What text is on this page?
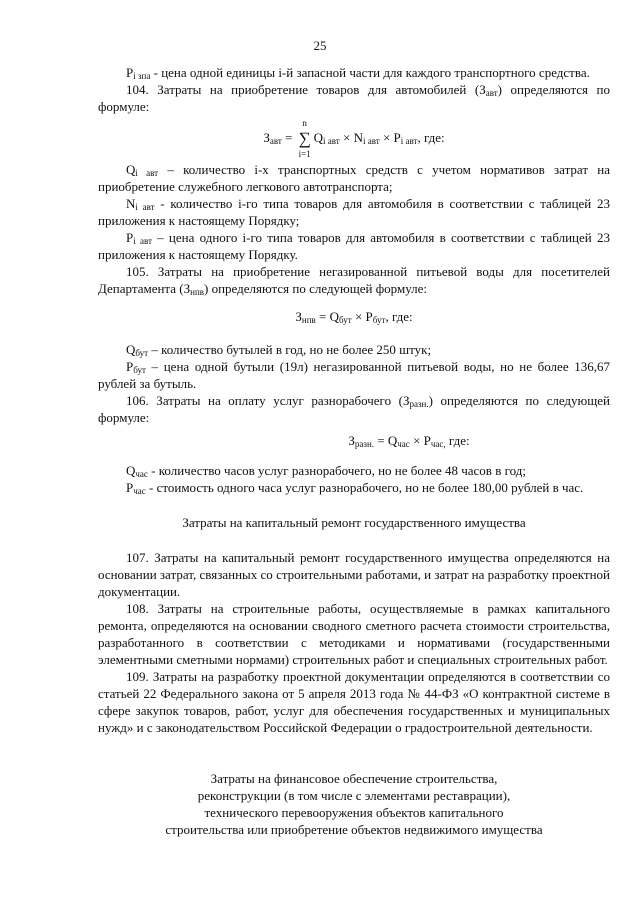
25

$P_{i зпа}$ - цена одной единицы i-й запасной части для каждого транспортного средства.

104. Затраты на приобретение товаров для автомобилей $(З_{авт})$ определяются по формуле:

$З_{авт}$ =
n
∑
i=1
$Q_{i авт} \times N_{i авт} \times P_{i авт}$, где:

$Q_{i авт}$ – количество i-х транспортных средств с учетом нормативов затрат на приобретение служебного легкового автотранспорта;

$N_{i авт}$ - количество i-го типа товаров для автомобиля в соответствии с таблицей 23 приложения к настоящему Порядку;

$P_{i авт}$ – цена одного i-го типа товаров для автомобиля в соответствии с таблицей 23 приложения к настоящему Порядку.

105. Затраты на приобретение негазированной питьевой воды для посетителей Департамента $(З_{нпв})$ определяются по следующей формуле:

$З_{нпв} = Q_{бут} \times P_{бут}$, где:

$Q_{бут}$ – количество бутылей в год, но не более 250 штук;

$P_{бут}$ – цена одной бутыли (19л) негазированной питьевой воды, но не более 136,67 рублей за бутыль.

106. Затраты на оплату услуг разнорабочего $(З_{разн.})$ определяются по следующей формуле:

$З_{разн.} = Q_{час} \times P_{час,}$ где:

$Q_{час}$ - количество часов услуг разнорабочего, но не более 48 часов в год;

$P_{час}$ - стоимость одного часа услуг разнорабочего, но не более 180,00 рублей в час.

Затраты на капитальный ремонт государственного имущества

107. Затраты на капитальный ремонт государственного имущества определяются на основании затрат, связанных со строительными работами, и затрат на разработку проектной документации.

108. Затраты на строительные работы, осуществляемые в рамках капитального ремонта, определяются на основании сводного сметного расчета стоимости строительства, разработанного в соответствии с методиками и нормативами (государственными элементными сметными нормами) строительных работ и специальных строительных работ.

109. Затраты на разработку проектной документации определяются в соответствии со статьей 22 Федерального закона от 5 апреля 2013 года № 44-ФЗ «О контрактной системе в сфере закупок товаров, работ, услуг для обеспечения государственных и муниципальных нужд» и с законодательством Российской Федерации о градостроительной деятельности.

Затраты на финансовое обеспечение строительства,

реконструкции (в том числе с элементами реставрации),

технического перевооружения объектов капитального

строительства или приобретение объектов недвижимого имущества
